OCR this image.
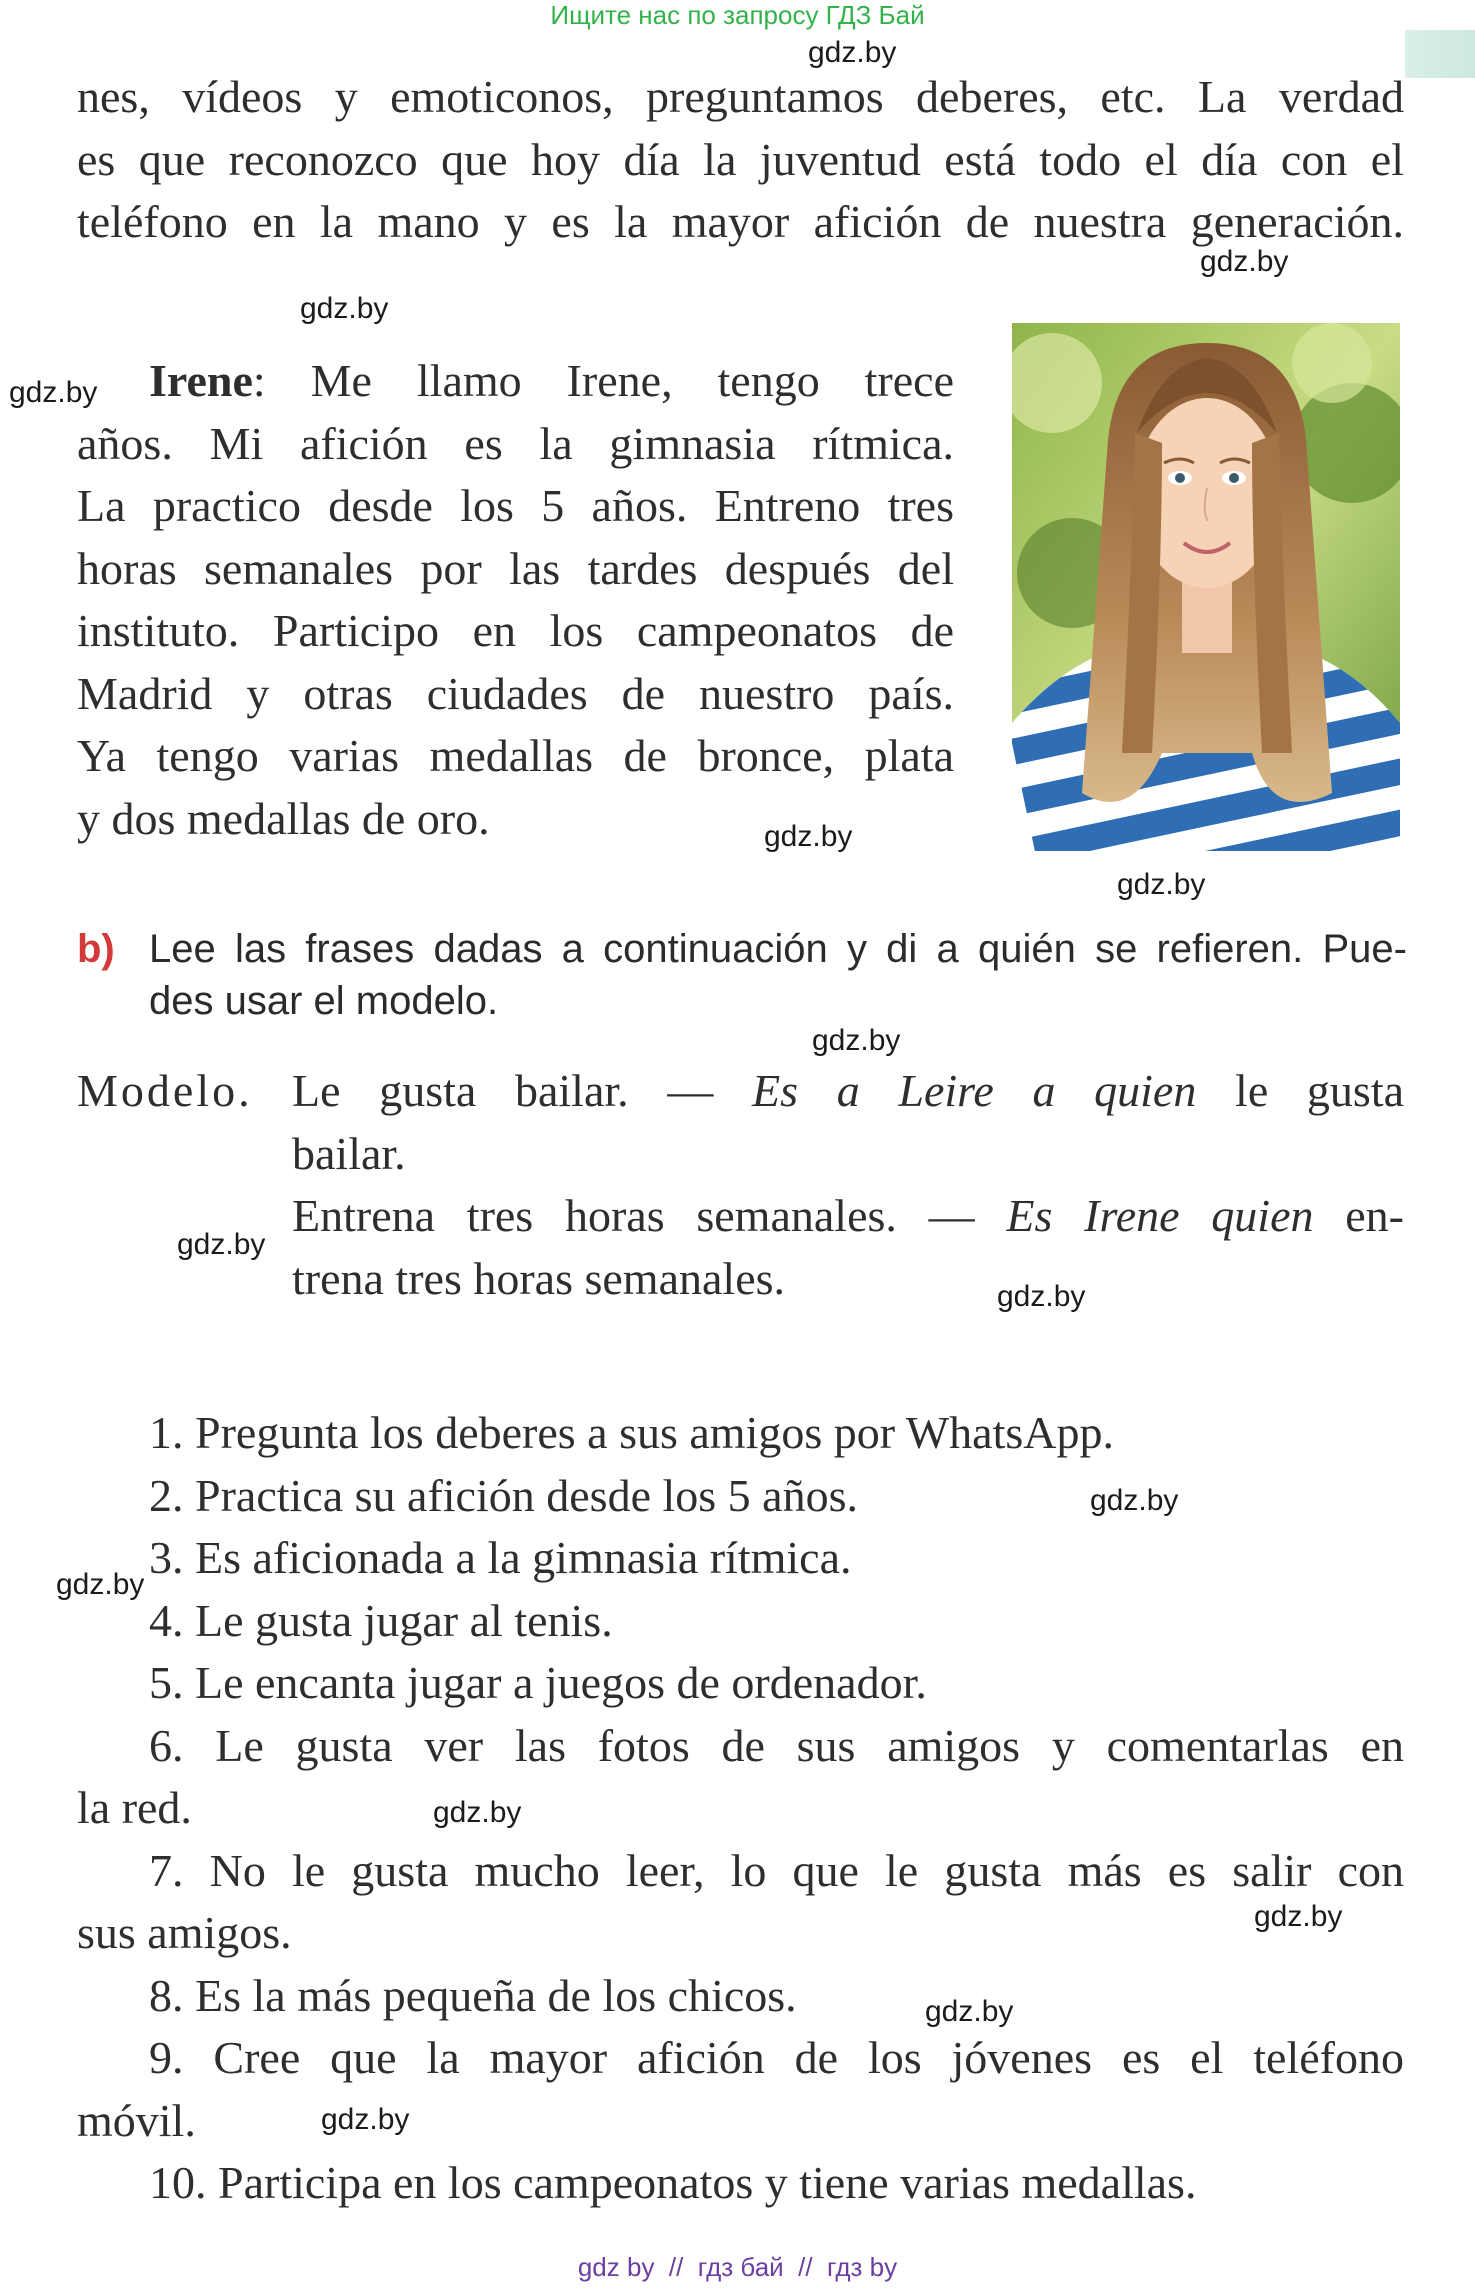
Ищите нас по запросу ГДЗ Бай
gdz.by
gdz.by
gdz.by
gdz.by
gdz.by
gdz.by
gdz.by
gdz.by
gdz.by
gdz.by
gdz.by
gdz.by
gdz.by
gdz.by
gdz.by
nes, vídeos y emoticonos, preguntamos deberes, etc. La verdad
es que reconozco que hoy día la juventud está todo el día con el
teléfono en la mano y es la mayor afición de nuestra generación.
Irene: Me llamo Irene, tengo trece
años. Mi afición es la gimnasia rítmica.
La practico desde los 5 años. Entreno tres
horas semanales por las tardes después del
instituto. Participo en los campeonatos de
Madrid y otras ciudades de nuestro país.
Ya tengo varias medallas de bronce, plata
y dos medallas de oro.
b) Lee las frases dadas a continuación y di a quién se refieren. Pue-
des usar el modelo.
Modelo. Le gusta bailar. — Es a Leire a quien le gusta
bailar.
Entrena tres horas semanales. — Es Irene quien en-
trena tres horas semanales.
1. Pregunta los deberes a sus amigos por WhatsApp.
2. Practica su afición desde los 5 años.
3. Es aficionada a la gimnasia rítmica.
4. Le gusta jugar al tenis.
5. Le encanta jugar a juegos de ordenador.
6. Le gusta ver las fotos de sus amigos y comentarlas en
la red.
7. No le gusta mucho leer, lo que le gusta más es salir con
sus amigos.
8. Es la más pequeña de los chicos.
9. Cree que la mayor afición de los jóvenes es el teléfono
móvil.
10. Participa en los campeonatos y tiene varias medallas.
gdz by  //  гдз бай  //  гдз by
